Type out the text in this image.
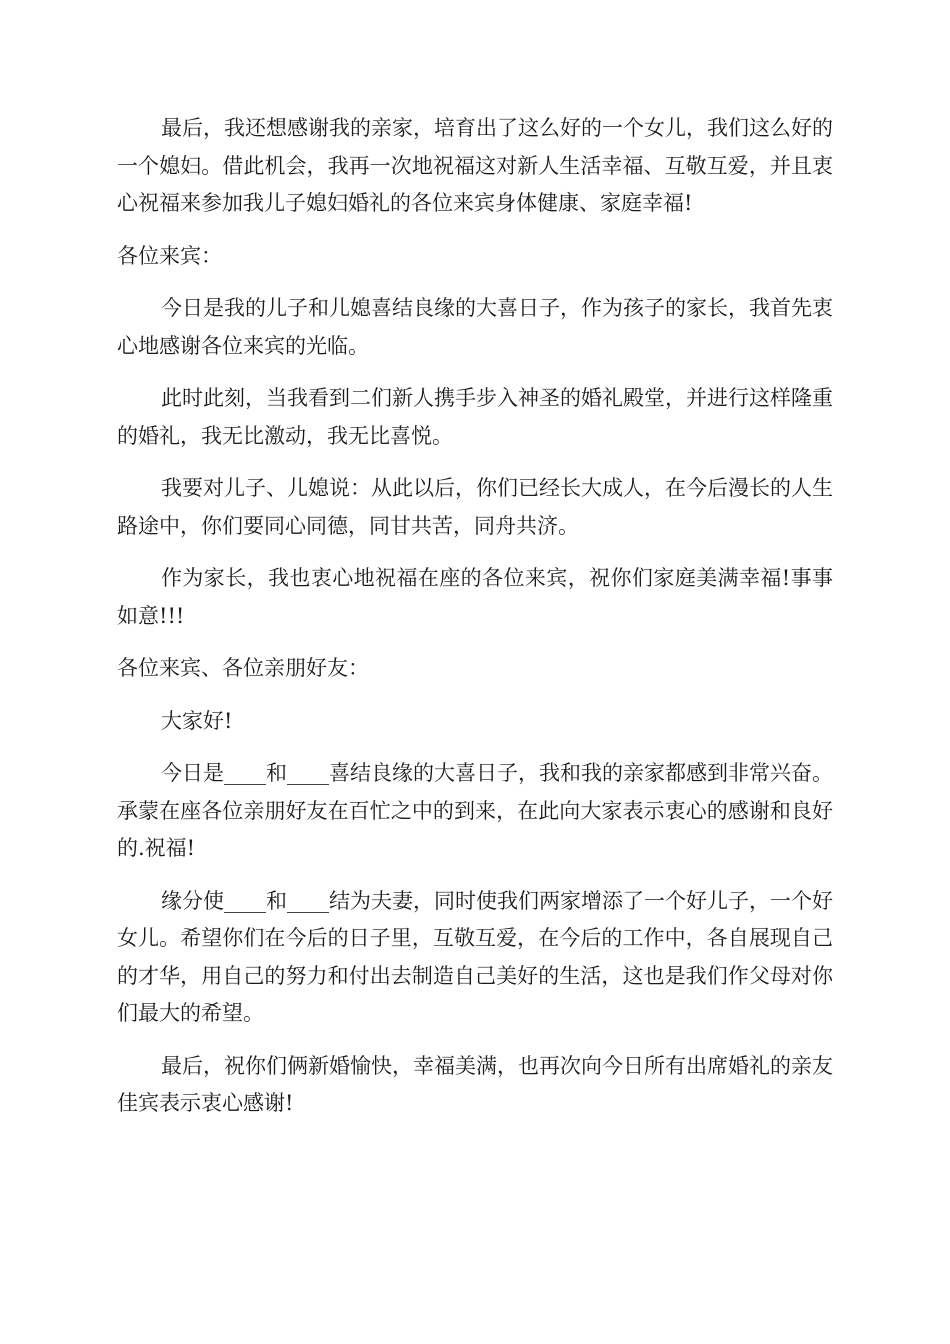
最后，我还想感谢我的亲家，培育出了这么好的一个女儿，我们这么好的一个媳妇。借此机会，我再一次地祝福这对新人生活幸福、互敬互爱，并且衷心祝福来参加我儿子媳妇婚礼的各位来宾身体健康、家庭幸福!

各位来宾：

今日是我的儿子和儿媳喜结良缘的大喜日子，作为孩子的家长，我首先衷心地感谢各位来宾的光临。

此时此刻，当我看到二们新人携手步入神圣的婚礼殿堂，并进行这样隆重的婚礼，我无比激动，我无比喜悦。

我要对儿子、儿媳说：从此以后，你们已经长大成人，在今后漫长的人生路途中，你们要同心同德，同甘共苦，同舟共济。

作为家长，我也衷心地祝福在座的各位来宾，祝你们家庭美满幸福!事事如意!!!

各位来宾、各位亲朋好友：

大家好!

今日是____和____喜结良缘的大喜日子，我和我的亲家都感到非常兴奋。承蒙在座各位亲朋好友在百忙之中的到来，在此向大家表示衷心的感谢和良好的.祝福!

缘分使____和____结为夫妻，同时使我们两家增添了一个好儿子，一个好女儿。希望你们在今后的日子里，互敬互爱，在今后的工作中，各自展现自己的才华，用自己的努力和付出去制造自己美好的生活，这也是我们作父母对你们最大的希望。

最后，祝你们俩新婚愉快，幸福美满，也再次向今日所有出席婚礼的亲友佳宾表示衷心感谢!
